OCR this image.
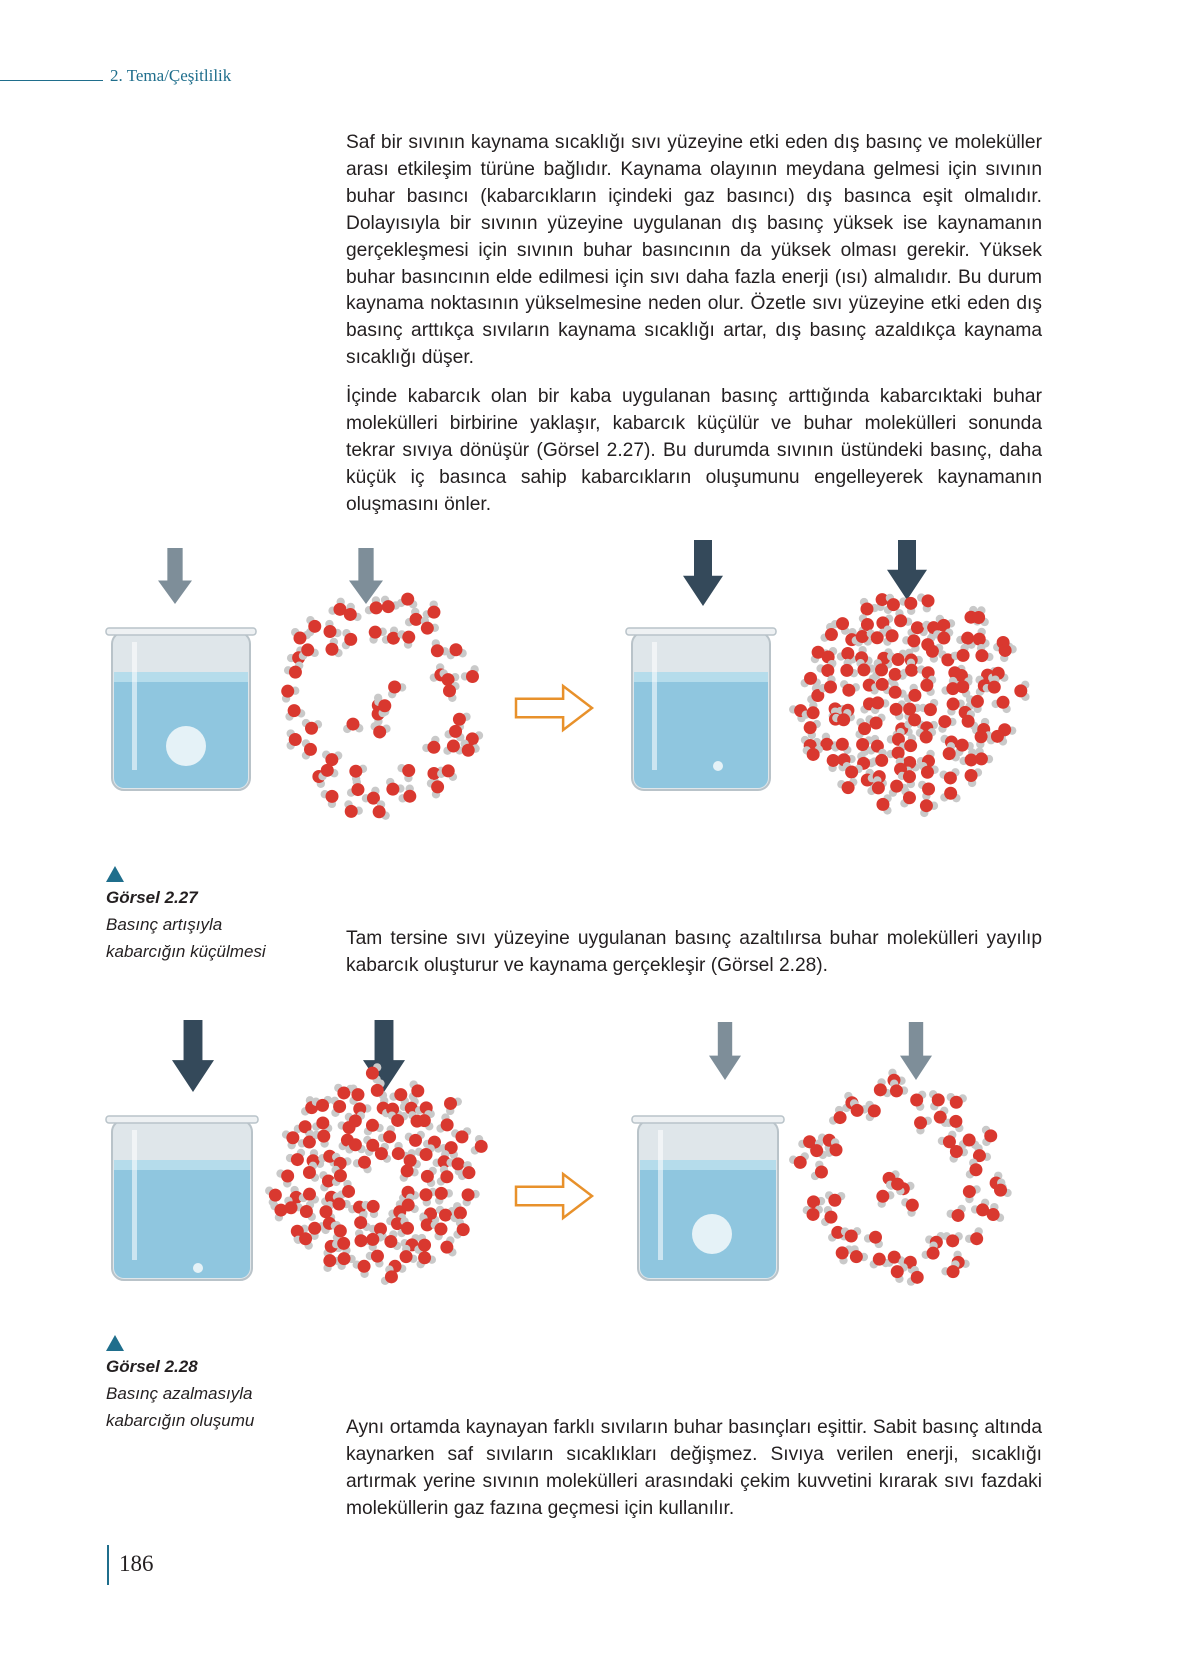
2. Tema/Çeşitlilik

Saf bir sıvının kaynama sıcaklığı sıvı yüzeyine etki eden dış basınç ve moleküller arası etkileşim türüne bağlıdır. Kaynama olayının meydana gelmesi için sıvının buhar basıncı (kabarcıkların içindeki gaz basıncı) dış basınca eşit olmalıdır. Dolayısıyla bir sıvının yüzeyine uygulanan dış basınç yüksek ise kaynamanın gerçekleşmesi için sıvının buhar basıncının da yüksek olması gerekir. Yüksek buhar basıncının elde edilmesi için sıvı daha fazla enerji (ısı) almalıdır. Bu durum kaynama noktasının yükselmesine neden olur. Özetle sıvı yüzeyine etki eden dış basınç arttıkça sıvıların kaynama sıcaklığı artar, dış basınç azaldıkça kaynama sıcaklığı düşer.

İçinde kabarcık olan bir kaba uygulanan basınç arttığında kabarcıktaki buhar molekülleri birbirine yaklaşır, kabarcık küçülür ve buhar molekülleri sonunda tekrar sıvıya dönüşür (Görsel 2.27). Bu durumda sıvının üstündeki basınç, daha küçük iç basınca sahip kabarcıkların oluşumunu engelleyerek kaynamanın oluşmasını önler.

Görsel 2.27
Basınç artışıyla
kabarcığın küçülmesi

Tam tersine sıvı yüzeyine uygulanan basınç azaltılırsa buhar molekülleri yayılıp kabarcık oluşturur ve kaynama gerçekleşir (Görsel 2.28).

Görsel 2.28
Basınç azalmasıyla
kabarcığın oluşumu	Aynı ortamda kaynayan farklı sıvıların buhar basınçları eşittir. Sabit basınç altında kaynarken saf sıvıların sıcaklıkları değişmez. Sıvıya verilen enerji, sıcaklığı artırmak yerine sıvının molekülleri arasındaki çekim kuvvetini kırarak sıvı fazdaki moleküllerin gaz fazına geçmesi için kullanılır.

186
